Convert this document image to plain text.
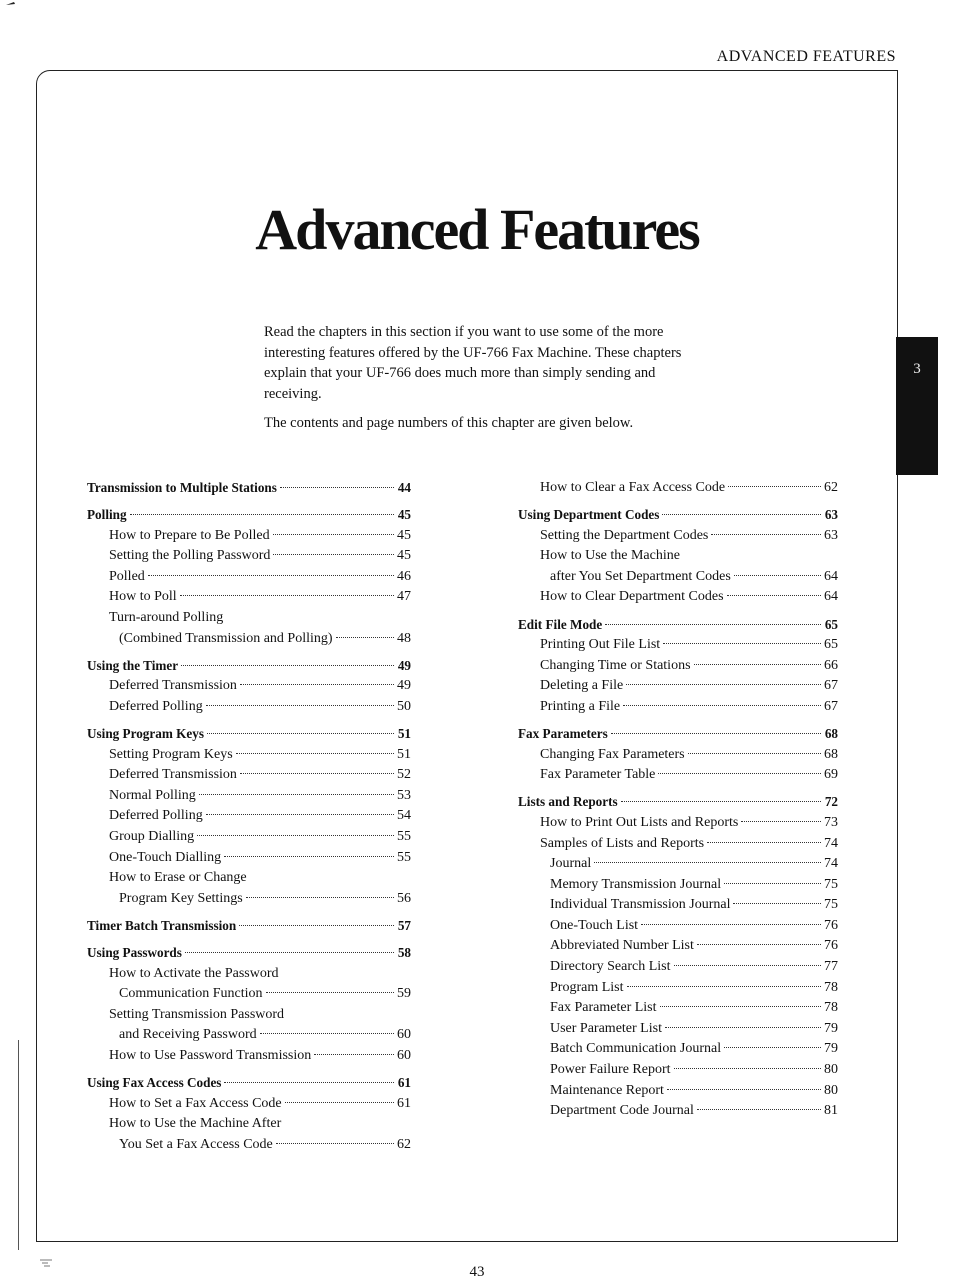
ADVANCED FEATURES
Advanced Features

Read the chapters in this section if you want to use some of the more interesting features offered by the UF-766 Fax Machine. These chapters explain that your UF-766 does much more than simply sending and receiving.

The contents and page numbers of this chapter are given below.

3
Transmission to Multiple Stations	44
Polling	45
How to Prepare to Be Polled	45
Setting the Polling Password	45
Polled	46
How to Poll	47
Turn-around Polling
(Combined Transmission and Polling)	48
Using the Timer	49
Deferred Transmission	49
Deferred Polling	50
Using Program Keys	51
Setting Program Keys	51
Deferred Transmission	52
Normal Polling	53
Deferred Polling	54
Group Dialling	55
One-Touch Dialling	55
How to Erase or Change
Program Key Settings	56
Timer Batch Transmission	57
Using Passwords	58
How to Activate the Password
Communication Function	59
Setting Transmission Password
and Receiving Password	60
How to Use Password Transmission	60
Using Fax Access Codes	61
How to Set a Fax Access Code	61
How to Use the Machine After
You Set a Fax Access Code	62
How to Clear a Fax Access Code	62
Using Department Codes	63
Setting the Department Codes	63
How to Use the Machine
after You Set Department Codes	64
How to Clear Department Codes	64
Edit File Mode	65
Printing Out File List	65
Changing Time or Stations	66
Deleting a File	67
Printing a File	67
Fax Parameters	68
Changing Fax Parameters	68
Fax Parameter Table	69
Lists and Reports	72
How to Print Out Lists and Reports	73
Samples of Lists and Reports	74
Journal	74
Memory Transmission Journal	75
Individual Transmission Journal	75
One-Touch List	76
Abbreviated Number List	76
Directory Search List	77
Program List	78
Fax Parameter List	78
User Parameter List	79
Batch Communication Journal	79
Power Failure Report	80
Maintenance Report	80
Department Code Journal	81
43
